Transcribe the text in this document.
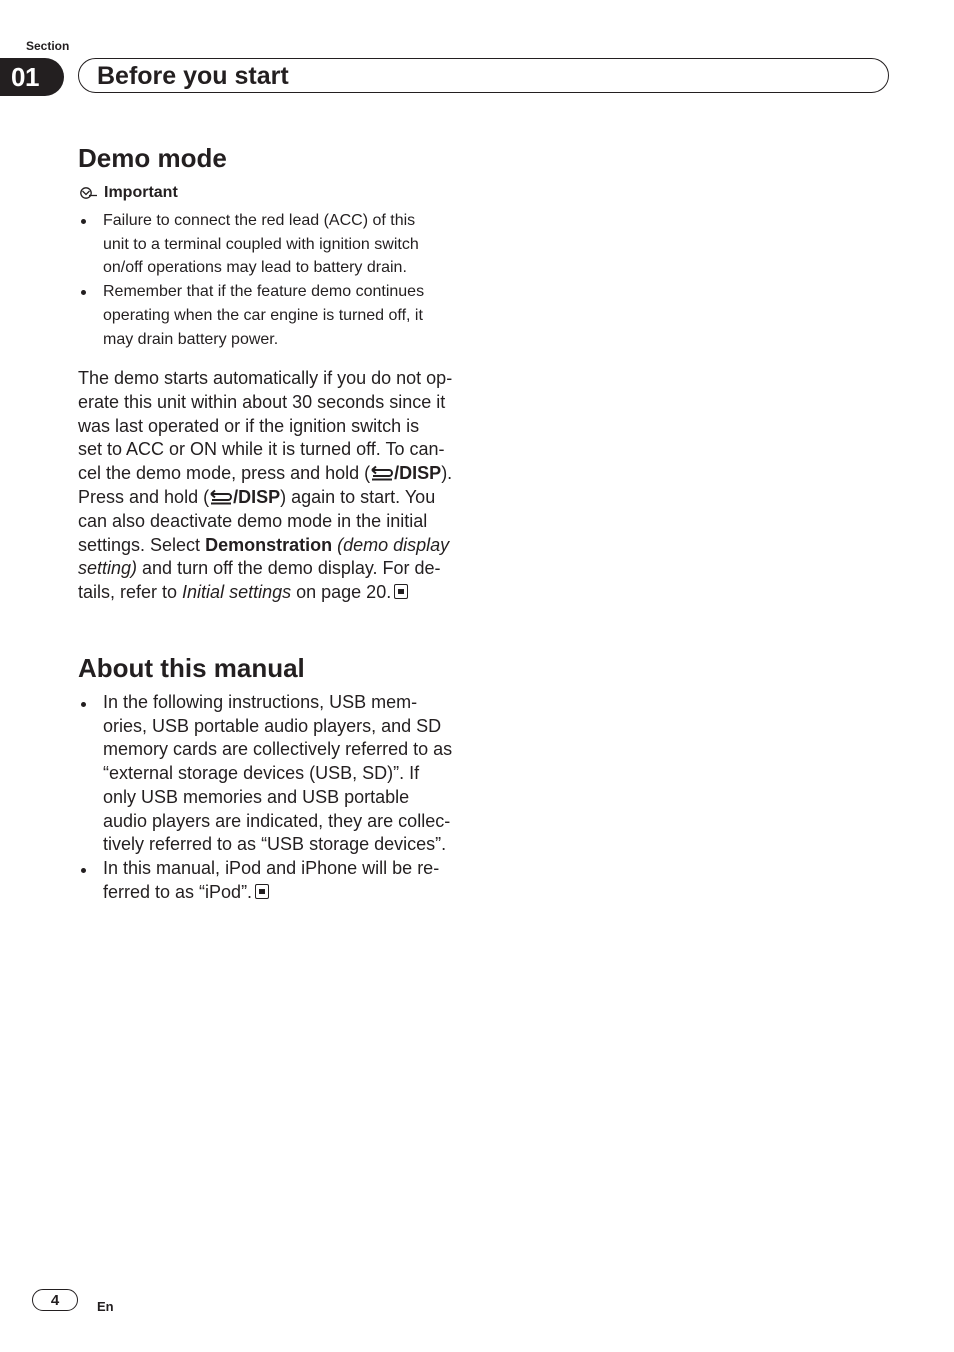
Section
01	Before you start
Demo mode
Important
Failure to connect the red lead (ACC) of this
unit to a terminal coupled with ignition switch
on/off operations may lead to battery drain.
Remember that if the feature demo continues
operating when the car engine is turned off, it
may drain battery power.
The demo starts automatically if you do not op-
erate this unit within about 30 seconds since it
was last operated or if the ignition switch is
set to ACC or ON while it is turned off. To can-
cel the demo mode, press and hold ( /DISP).
Press and hold ( /DISP) again to start. You
can also deactivate demo mode in the initial
settings. Select Demonstration (demo display
setting) and turn off the demo display. For de-
tails, refer to Initial settings on page 20.
About this manual
In the following instructions, USB mem-
ories, USB portable audio players, and SD
memory cards are collectively referred to as
“external storage devices (USB, SD)”. If
only USB memories and USB portable
audio players are indicated, they are collec-
tively referred to as “USB storage devices”.
In this manual, iPod and iPhone will be re-
ferred to as “iPod”.
4	En
